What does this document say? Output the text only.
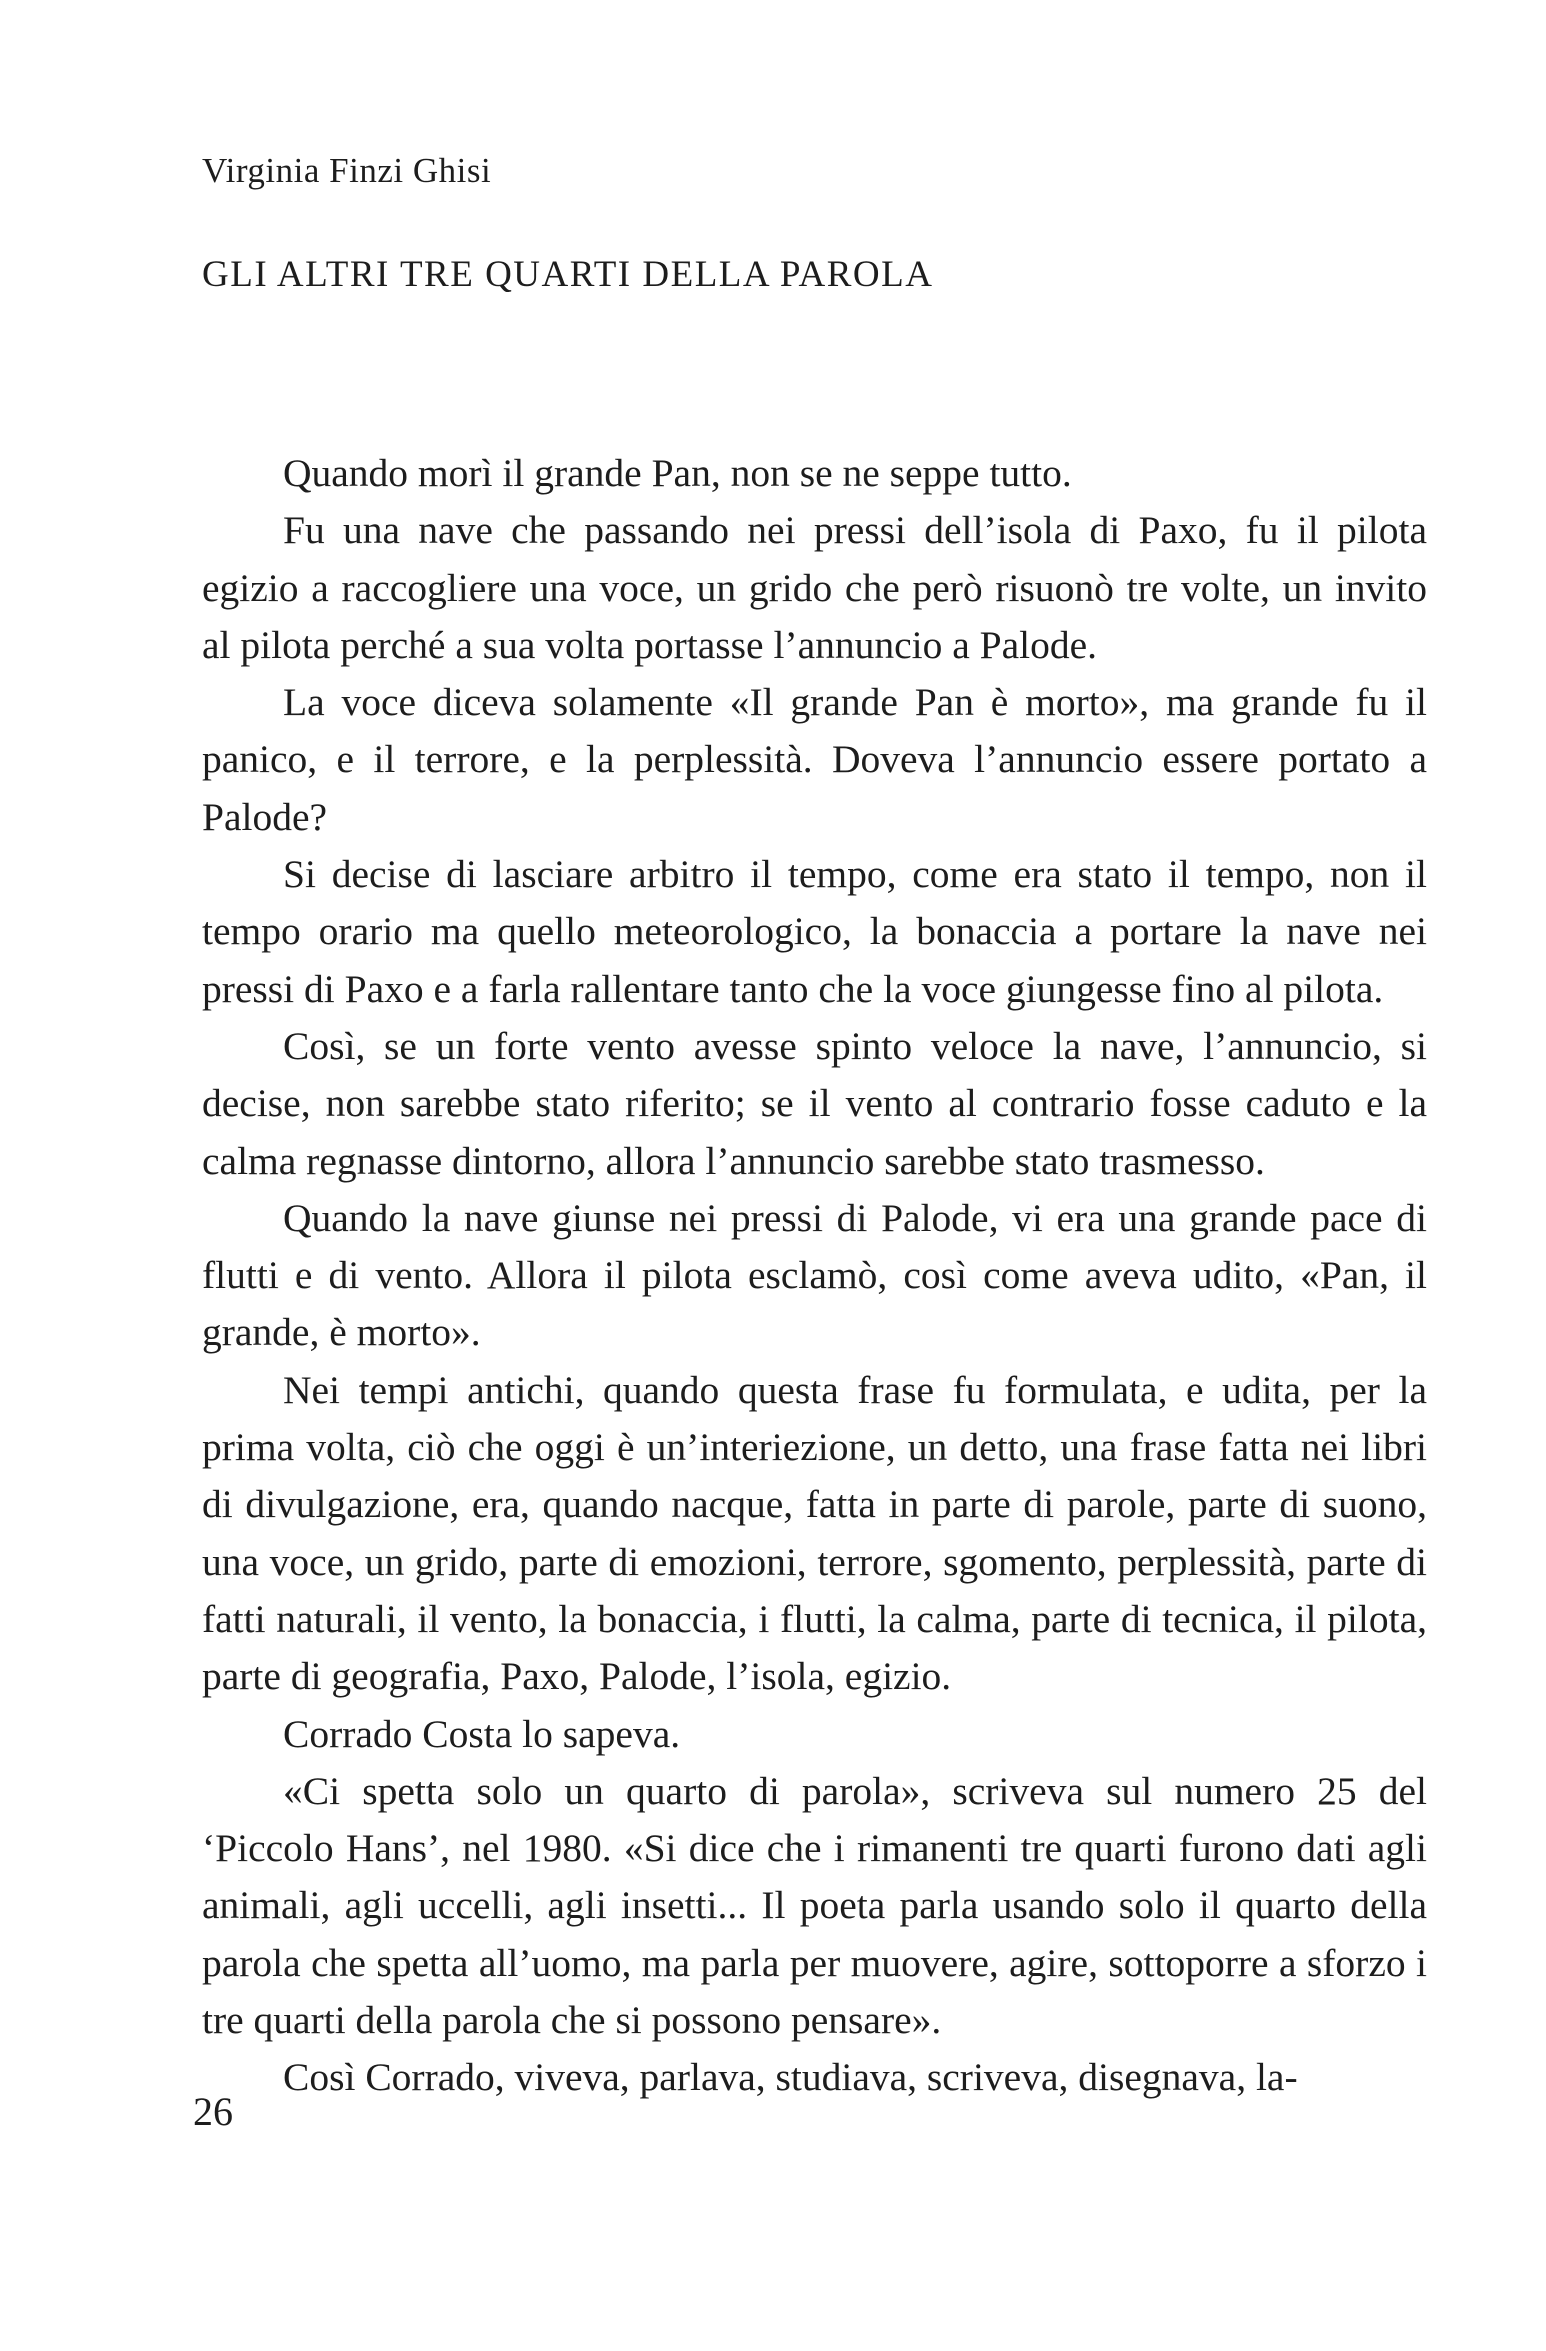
Virginia Finzi Ghisi
GLI ALTRI TRE QUARTI DELLA PAROLA

Quando morì il grande Pan, non se ne seppe tutto.

Fu una nave che passando nei pressi dell’isola di Paxo, fu il pilota egizio a raccogliere una voce, un grido che però risuonò tre volte, un invito al pilota perché a sua volta portasse l’annuncio a Palode.

La voce diceva solamente «Il grande Pan è morto», ma grande fu il panico, e il terrore, e la perplessità. Doveva l’annuncio essere portato a Palode?

Si decise di lasciare arbitro il tempo, come era stato il tempo, non il tempo orario ma quello meteorologico, la bonaccia a portare la nave nei pressi di Paxo e a farla rallentare tanto che la voce giungesse fino al pilota.

Così, se un forte vento avesse spinto veloce la nave, l’annuncio, si decise, non sarebbe stato riferito; se il vento al contrario fosse caduto e la calma regnasse dintorno, allora l’annuncio sarebbe stato trasmesso.

Quando la nave giunse nei pressi di Palode, vi era una grande pace di flutti e di vento. Allora il pilota esclamò, così come aveva udito, «Pan, il grande, è morto».

Nei tempi antichi, quando questa frase fu formulata, e udita, per la prima volta, ciò che oggi è un’interiezione, un detto, una frase fatta nei libri di divulgazione, era, quando nacque, fatta in parte di parole, parte di suono, una voce, un grido, parte di emozioni, terrore, sgomento, perplessità, parte di fatti naturali, il vento, la bonaccia, i flutti, la calma, parte di tecnica, il pilota, parte di geografia, Paxo, Palode, l’isola, egizio.

Corrado Costa lo sapeva.

«Ci spetta solo un quarto di parola», scriveva sul numero 25 del ‘Piccolo Hans’, nel 1980. «Si dice che i rimanenti tre quarti furono dati agli animali, agli uccelli, agli insetti... Il poeta parla usando solo il quarto della parola che spetta all’uomo, ma parla per muovere, agire, sottoporre a sforzo i tre quarti della parola che si possono pensare».

Così Corrado, viveva, parlava, studiava, scriveva, disegnava, la-

26
